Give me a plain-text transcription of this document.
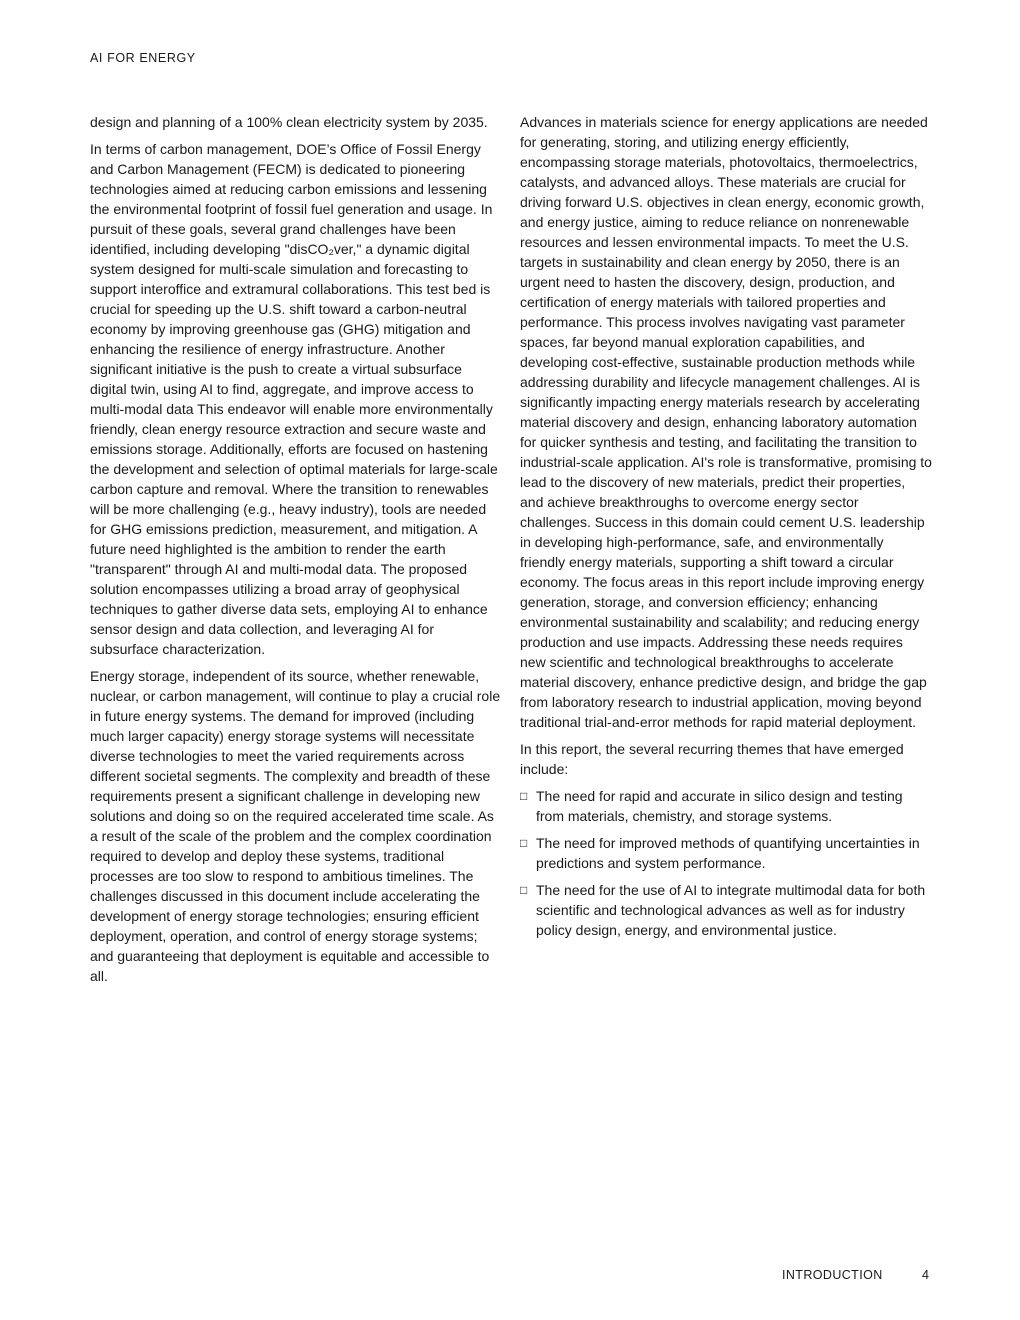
AI FOR ENERGY

design and planning of a 100% clean electricity system by 2035.

In terms of carbon management, DOE’s Office of Fossil Energy and Carbon Management (FECM) is dedicated to pioneering technologies aimed at reducing carbon emissions and lessening the environmental footprint of fossil fuel generation and usage. In pursuit of these goals, several grand challenges have been identified, including developing "disCO₂ver," a dynamic digital system designed for multi-scale simulation and forecasting to support interoffice and extramural collaborations. This test bed is crucial for speeding up the U.S. shift toward a carbon-neutral economy by improving greenhouse gas (GHG) mitigation and enhancing the resilience of energy infrastructure. Another significant initiative is the push to create a virtual subsurface digital twin, using AI to find, aggregate, and improve access to multi-modal data This endeavor will enable more environmentally friendly, clean energy resource extraction and secure waste and emissions storage. Additionally, efforts are focused on hastening the development and selection of optimal materials for large-scale carbon capture and removal. Where the transition to renewables will be more challenging (e.g., heavy industry), tools are needed for GHG emissions prediction, measurement, and mitigation. A future need highlighted is the ambition to render the earth "transparent" through AI and multi-modal data. The proposed solution encompasses utilizing a broad array of geophysical techniques to gather diverse data sets, employing AI to enhance sensor design and data collection, and leveraging AI for subsurface characterization.

Energy storage, independent of its source, whether renewable, nuclear, or carbon management, will continue to play a crucial role in future energy systems. The demand for improved (including much larger capacity) energy storage systems will necessitate diverse technologies to meet the varied requirements across different societal segments. The complexity and breadth of these requirements present a significant challenge in developing new solutions and doing so on the required accelerated time scale. As a result of the scale of the problem and the complex coordination required to develop and deploy these systems, traditional processes are too slow to respond to ambitious timelines. The challenges discussed in this document include accelerating the development of energy storage technologies; ensuring efficient deployment, operation, and control of energy storage systems; and guaranteeing that deployment is equitable and accessible to all.

Advances in materials science for energy applications are needed for generating, storing, and utilizing energy efficiently, encompassing storage materials, photovoltaics, thermoelectrics, catalysts, and advanced alloys. These materials are crucial for driving forward U.S. objectives in clean energy, economic growth, and energy justice, aiming to reduce reliance on nonrenewable resources and lessen environmental impacts. To meet the U.S. targets in sustainability and clean energy by 2050, there is an urgent need to hasten the discovery, design, production, and certification of energy materials with tailored properties and performance. This process involves navigating vast parameter spaces, far beyond manual exploration capabilities, and developing cost-effective, sustainable production methods while addressing durability and lifecycle management challenges. AI is significantly impacting energy materials research by accelerating material discovery and design, enhancing laboratory automation for quicker synthesis and testing, and facilitating the transition to industrial-scale application. AI's role is transformative, promising to lead to the discovery of new materials, predict their properties, and achieve breakthroughs to overcome energy sector challenges. Success in this domain could cement U.S. leadership in developing high-performance, safe, and environmentally friendly energy materials, supporting a shift toward a circular economy. The focus areas in this report include improving energy generation, storage, and conversion efficiency; enhancing environmental sustainability and scalability; and reducing energy production and use impacts. Addressing these needs requires new scientific and technological breakthroughs to accelerate material discovery, enhance predictive design, and bridge the gap from laboratory research to industrial application, moving beyond traditional trial-and-error methods for rapid material deployment.

In this report, the several recurring themes that have emerged include:

□ The need for rapid and accurate in silico design and testing from materials, chemistry, and storage systems.
□ The need for improved methods of quantifying uncertainties in predictions and system performance.
□ The need for the use of AI to integrate multimodal data for both scientific and technological advances as well as for industry policy design, energy, and environmental justice.
INTRODUCTION	4
